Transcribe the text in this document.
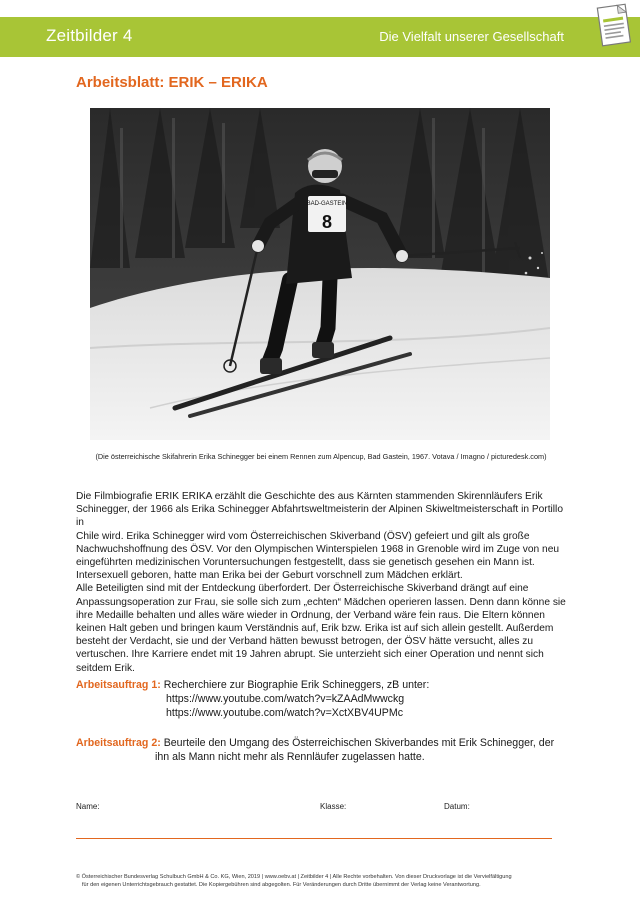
Zeitbilder 4	Die Vielfalt unserer Gesellschaft
Arbeitsblatt: ERIK – ERIKA
BAD-GASTEIN
8
(Die österreichische Skifahrerin Erika Schinegger bei einem Rennen zum Alpencup, Bad Gastein, 1967. Votava / Imagno / picturedesk.com)

Die Filmbiografie ERIK ERIKA erzählt die Geschichte des aus Kärnten stammenden Skirennläufers Erik

Schinegger, der 1966 als Erika Schinegger Abfahrtsweltmeisterin der Alpinen Skiweltmeisterschaft in Portillo in

Chile wird. Erika Schinegger wird vom Österreichischen Skiverband (ÖSV) gefeiert und gilt als große

Nachwuchshoffnung des ÖSV. Vor den Olympischen Winterspielen 1968 in Grenoble wird im Zuge von neu

eingeführten medizinischen Voruntersuchungen festgestellt, dass sie genetisch gesehen ein Mann ist.

Intersexuell geboren, hatte man Erika bei der Geburt vorschnell zum Mädchen erklärt.

Alle Beteiligten sind mit der Entdeckung überfordert. Der Österreichische Skiverband drängt auf eine

Anpassungsoperation zur Frau, sie solle sich zum „echten“ Mädchen operieren lassen. Denn dann könne sie

ihre Medaille behalten und alles wäre wieder in Ordnung, der Verband wäre fein raus. Die Eltern können

keinen Halt geben und bringen kaum Verständnis auf, Erik bzw. Erika ist auf sich allein gestellt. Außerdem

besteht der Verdacht, sie und der Verband hätten bewusst betrogen, der ÖSV hätte versucht, alles zu

vertuschen. Ihre Karriere endet mit 19 Jahren abrupt. Sie unterzieht sich einer Operation und nennt sich

seitdem Erik.

Arbeitsauftrag 1: Recherchiere zur Biographie Erik Schineggers, zB unter:
https://www.youtube.com/watch?v=kZAAdMwwckg
https://www.youtube.com/watch?v=XctXBV4UPMc
Arbeitsauftrag 2: Beurteile den Umgang des Österreichischen Skiverbandes mit Erik Schinegger, der
ihn als Mann nicht mehr als Rennläufer zugelassen hatte.
Name:	Klasse:	Datum:
© Österreichischer Bundesverlag Schulbuch GmbH & Co. KG, Wien, 2019 | www.oebv.at | Zeitbilder 4 | Alle Rechte vorbehalten. Von dieser Druckvorlage ist die Vervielfältigung
für den eigenen Unterrichtsgebrauch gestattet. Die Kopiergebühren sind abgegolten. Für Veränderungen durch Dritte übernimmt der Verlag keine Verantwortung.
